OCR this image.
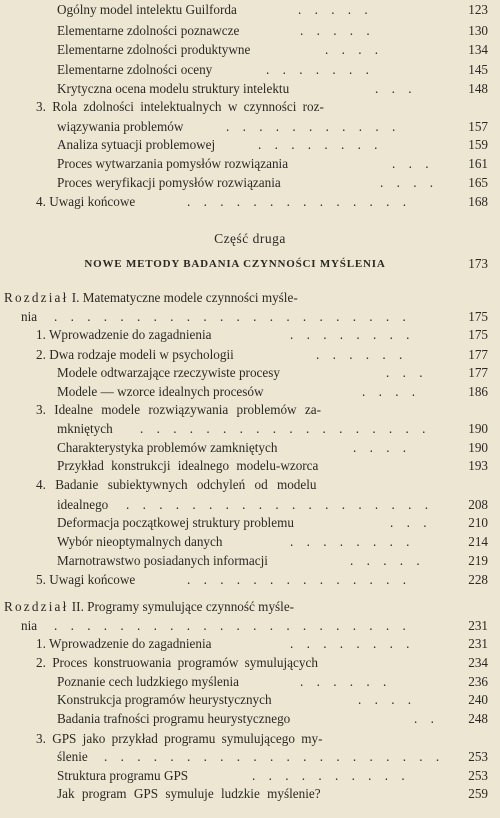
Ogólny model intelektu Guilforda	. . . . .	123
Elementarne zdolności poznawcze	. . . . .	130
Elementarne zdolności produktywne	. . . .	134
Elementarne zdolności oceny	. . . . . . .	145
Krytyczna ocena modelu struktury intelektu	. . .	148
3. Rola zdolności intelektualnych w czynności roz-
wiązywania problemów	. . . . . . . . . . .	157
Analiza sytuacji problemowej	. . . . . . . .	159
Proces wytwarzania pomysłów rozwiązania	. . .	161
Proces weryfikacji pomysłów rozwiązania	. . . . 165
4. Uwagi końcowe	. . . . . . . . . . . . . .	168
Część druga
NOWE METODY BADANIA CZYNNOŚCI MYŚLENIA	173
Rozdział I. Matematyczne modele czynności myśle-
nia . . . . . . . . . . . . . . . . . . . . . .	175
1. Wprowadzenie do zagadnienia	. . . . . . . .	175
2. Dwa rodzaje modeli w psychologii	. . . . . .	177
Modele odtwarzające rzeczywiste procesy	. . .	177
Modele — wzorce idealnych procesów	. . . .	186
3. Idealne modele rozwiązywania problemów za-
mkniętych . . . . . . . . . . . . . . . . . .	190
Charakterystyka problemów zamkniętych	. . . .	190
Przykład konstrukcji idealnego modelu-wzorca	193
4. Badanie subiektywnych odchyleń od modelu
idealnego . . . . . . . . . . . . . . . . . . .	208
Deformacja początkowej struktury problemu	. . .	210
Wybór nieoptymalnych danych	. . . . . . . .	214
Marnotrawstwo posiadanych informacji	. . . . .	219
5. Uwagi końcowe	. . . . . . . . . . . . . .	228
Rozdział II. Programy symulujące czynność myśle-
nia . . . . . . . . . . . . . . . . . . . . . .	231
1. Wprowadzenie do zagadnienia	. . . . . . . .	231
2. Proces konstruowania programów symulujących	234
Poznanie cech ludzkiego myślenia	. . . . . .	236
Konstrukcja programów heurystycznych	. . . .	240
Badania trafności programu heurystycznego	. . 248
3. GPS jako przykład programu symulującego my-
ślenie . . . . . . . . . . . . . . . . . . . . . 253
Struktura programu GPS	. . . . . . . . . .	253
Jak program GPS symuluje ludzkie myślenie?	259
